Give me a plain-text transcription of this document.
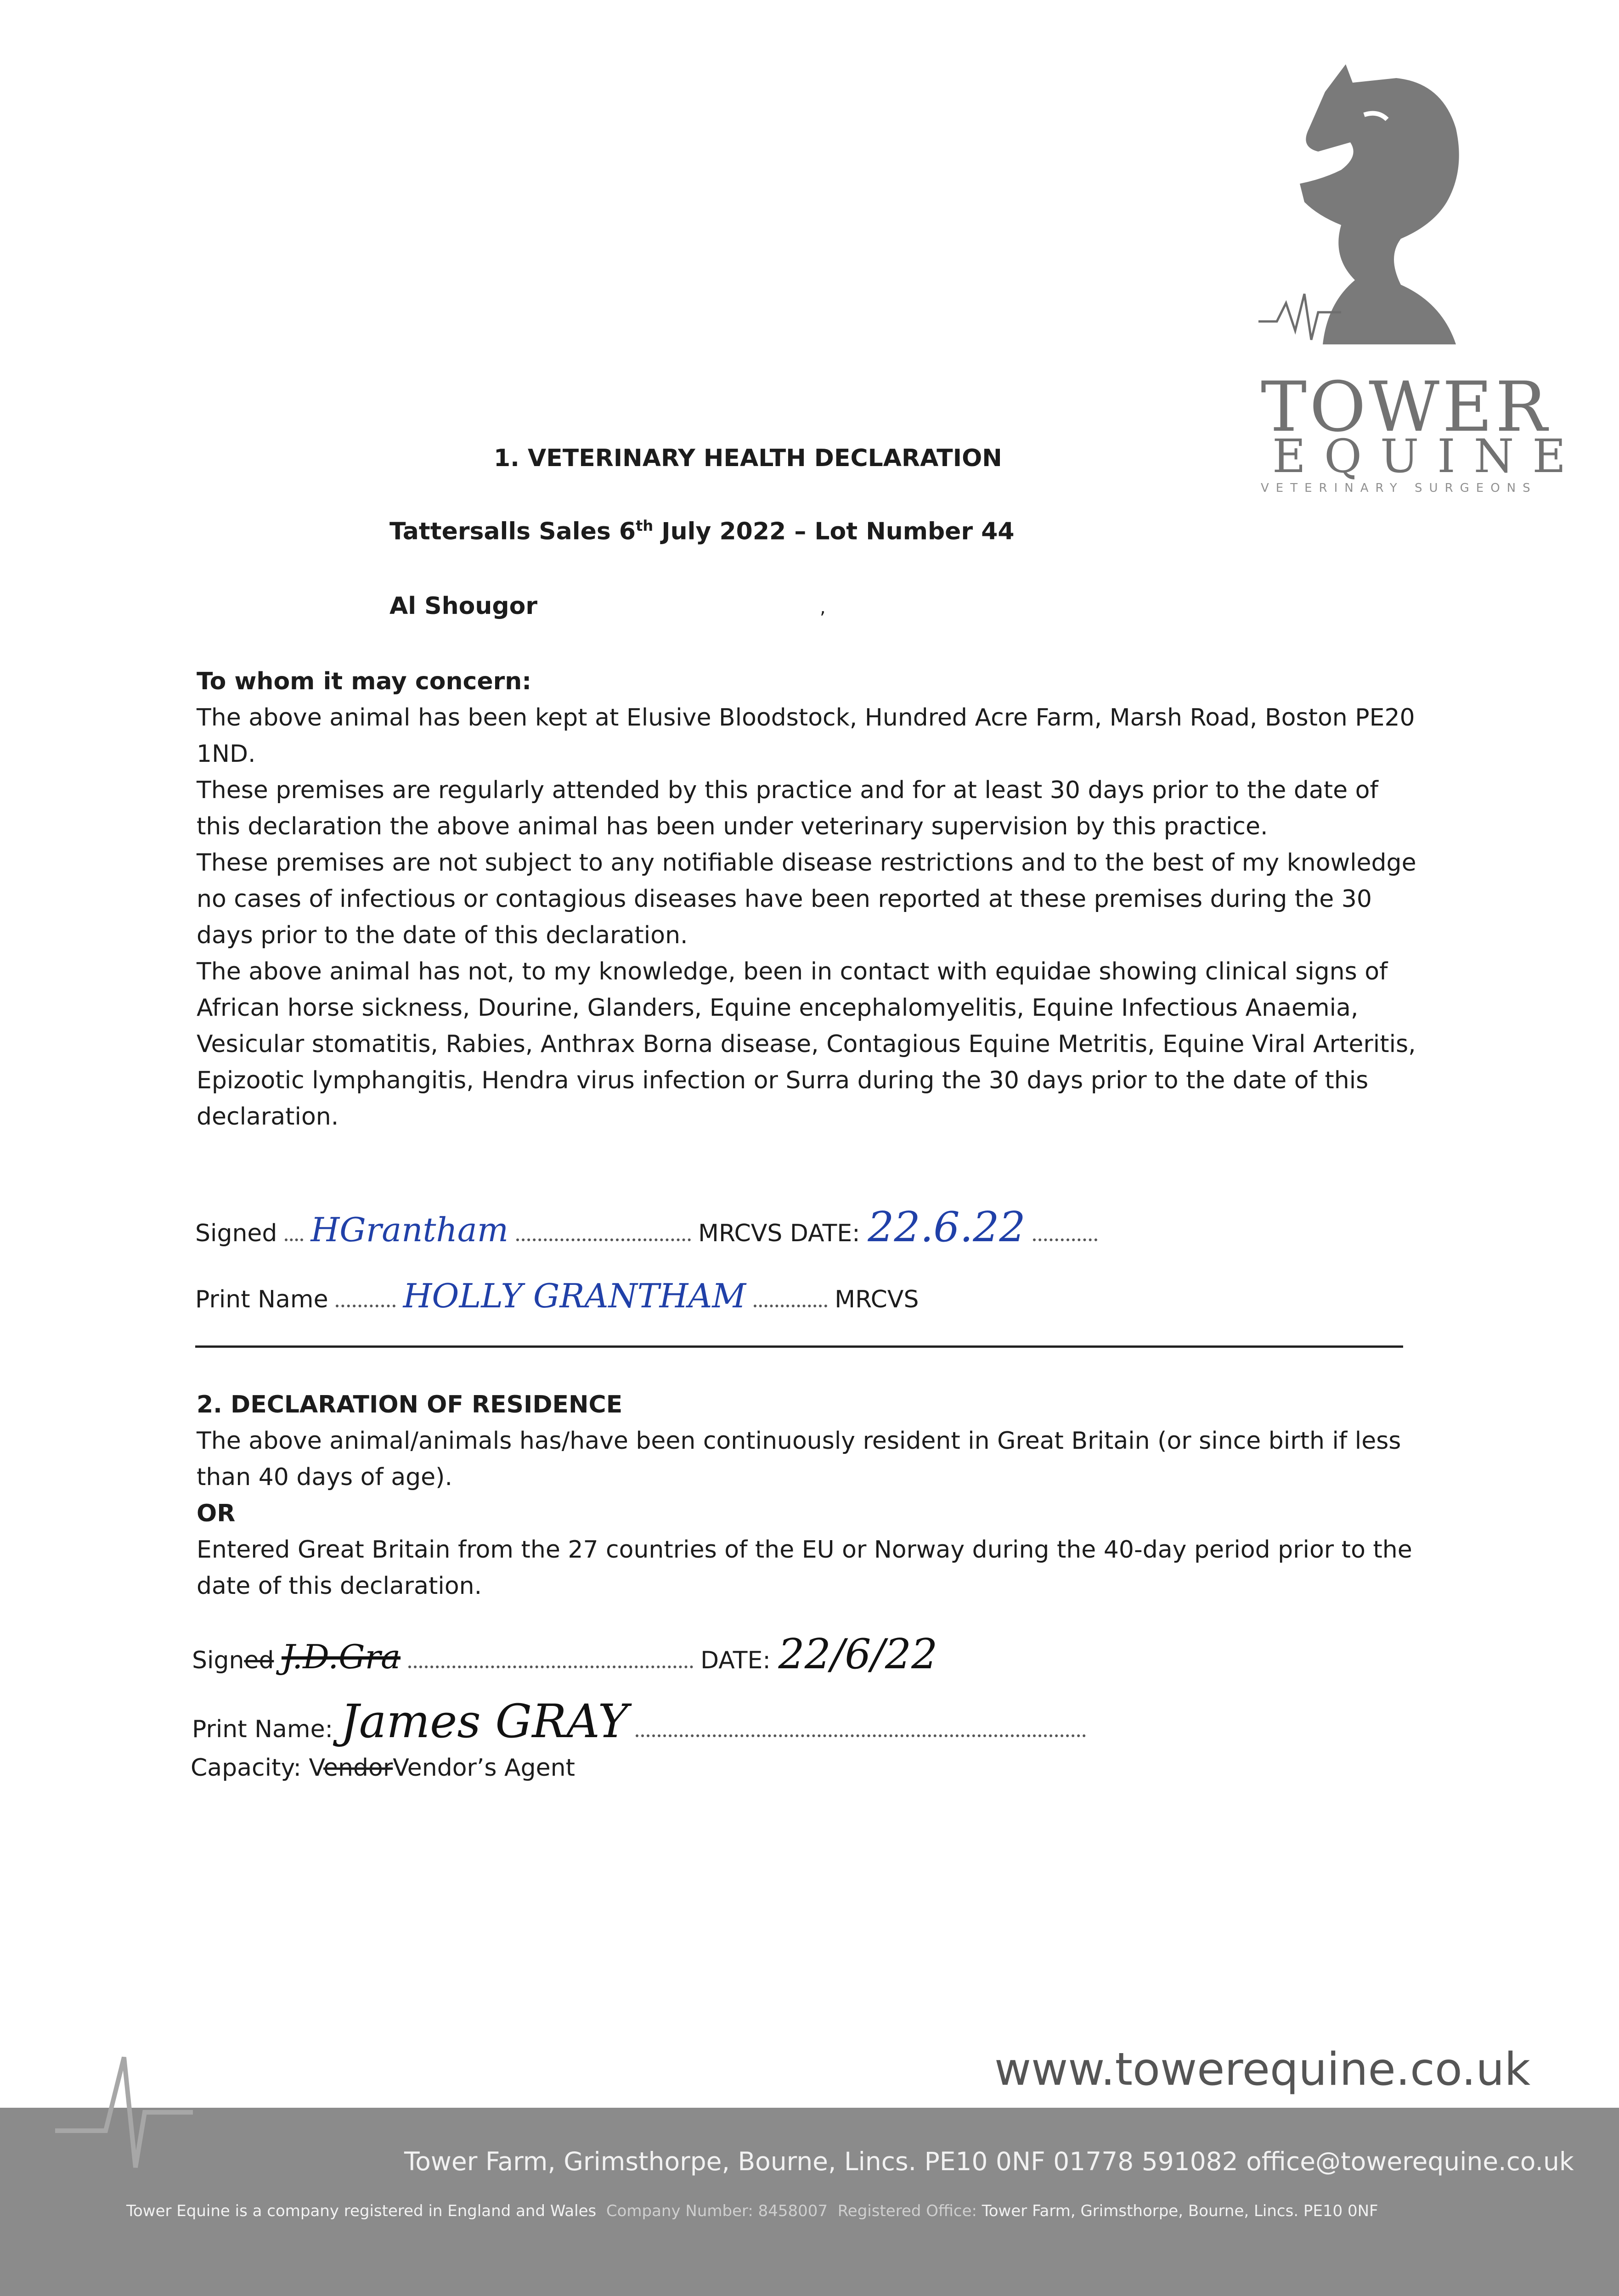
TOWER
EQUINE
VETERINARY SURGEONS
1. VETERINARY HEALTH DECLARATION
Tattersalls Sales 6th July 2022 – Lot Number 44
Al Shougor	,

To whom it may concern:

The above animal has been kept at Elusive Bloodstock, Hundred Acre Farm, Marsh Road, Boston PE20 1ND.

These premises are regularly attended by this practice and for at least 30 days prior to the date of this declaration the above animal has been under veterinary supervision by this practice.

These premises are not subject to any notifiable disease restrictions and to the best of my knowledge no cases of infectious or contagious diseases have been reported at these premises during the 30 days prior to the date of this declaration.

The above animal has not, to my knowledge, been in contact with equidae showing clinical signs of African horse sickness, Dourine, Glanders, Equine encephalomyelitis, Equine Infectious Anaemia, Vesicular stomatitis, Rabies, Anthrax Borna disease, Contagious Equine Metritis, Equine Viral Arteritis, Epizootic lymphangitis, Hendra virus infection or Surra during the 30 days prior to the date of this declaration.

Signed HGrantham	MRCVS DATE: 22.6.22
Print Name HOLLY GRANTHAM	MRCVS

2. DECLARATION OF RESIDENCE

The above animal/animals has/have been continuously resident in Great Britain (or since birth if less than 40 days of age).

OR

Entered Great Britain from the 27 countries of the EU or Norway during the 40-day period prior to the date of this declaration.

Signed J.D.Gra	DATE: 22/6/22
Print Name: James GRAY
Capacity: VendorVendor’s Agent
www.towerequine.co.uk
Tower Farm, Grimsthorpe, Bourne, Lincs. PE10 0NF 01778 591082 office@towerequine.co.uk
Tower Equine is a company registered in England and Wales Company Number: 8458007 Registered Office: Tower Farm, Grimsthorpe, Bourne, Lincs. PE10 0NF
